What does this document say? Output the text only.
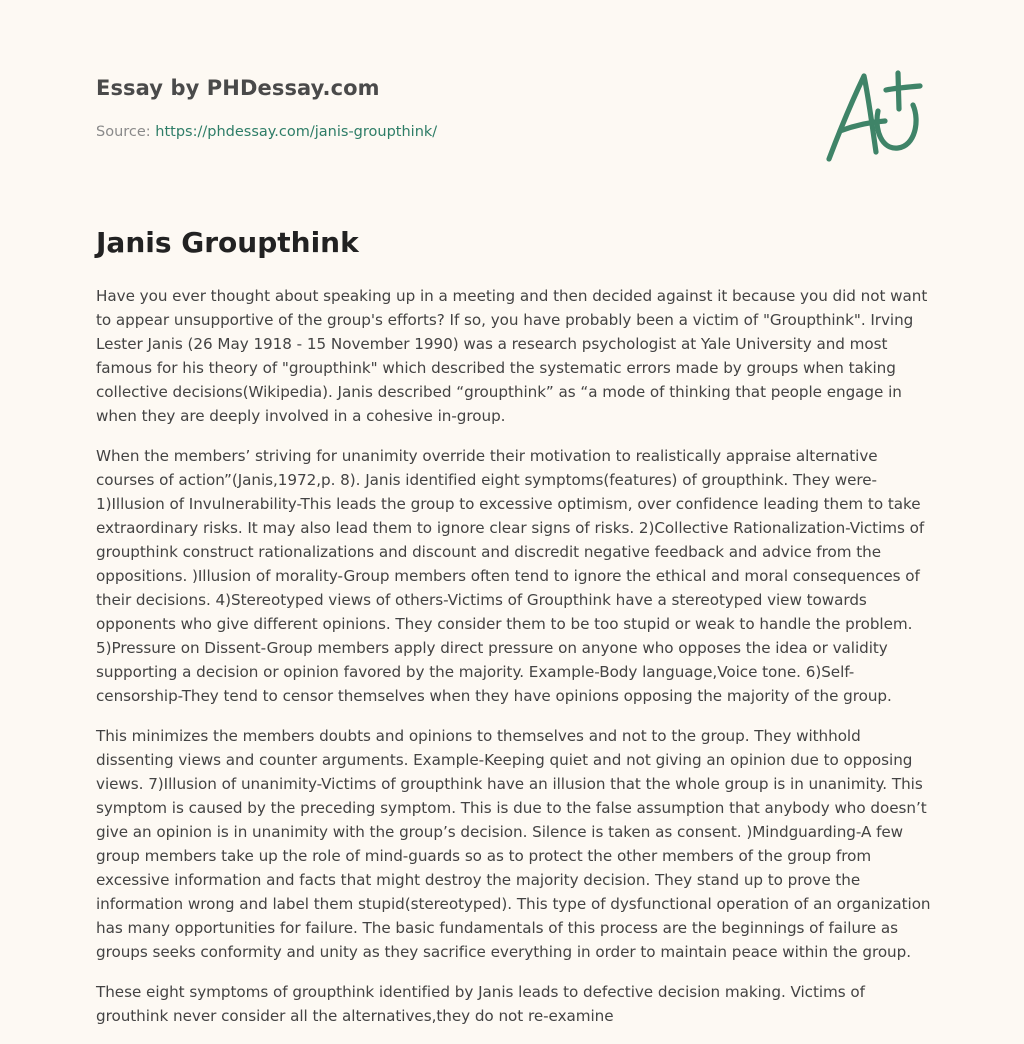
Essay by PHDessay.com
Source: https://phdessay.com/janis-groupthink/
Janis Groupthink

Have you ever thought about speaking up in a meeting and then decided against it because you did not want to appear unsupportive of the group's efforts? If so, you have probably been a victim of "Groupthink". Irving Lester Janis (26 May 1918 - 15 November 1990) was a research psychologist at Yale University and most famous for his theory of "groupthink" which described the systematic errors made by groups when taking collective decisions(Wikipedia). Janis described “groupthink” as “a mode of thinking that people engage in when they are deeply involved in a cohesive in-group.

When the members’ striving for unanimity override their motivation to realistically appraise alternative courses of action”(Janis,1972,p. 8). Janis identified eight symptoms(features) of groupthink. They were- 1)Illusion of Invulnerability-This leads the group to excessive optimism, over confidence leading them to take extraordinary risks. It may also lead them to ignore clear signs of risks. 2)Collective Rationalization-Victims of groupthink construct rationalizations and discount and discredit negative feedback and advice from the oppositions. )Illusion of morality-Group members often tend to ignore the ethical and moral consequences of their decisions. 4)Stereotyped views of others-Victims of Groupthink have a stereotyped view towards opponents who give different opinions. They consider them to be too stupid or weak to handle the problem. 5)Pressure on Dissent-Group members apply direct pressure on anyone who opposes the idea or validity supporting a decision or opinion favored by the majority. Example-Body language,Voice tone. 6)Self-censorship-They tend to censor themselves when they have opinions opposing the majority of the group.

This minimizes the members doubts and opinions to themselves and not to the group. They withhold dissenting views and counter arguments. Example-Keeping quiet and not giving an opinion due to opposing views. 7)Illusion of unanimity-Victims of groupthink have an illusion that the whole group is in unanimity. This symptom is caused by the preceding symptom. This is due to the false assumption that anybody who doesn’t give an opinion is in unanimity with the group’s decision. Silence is taken as consent. )Mindguarding-A few group members take up the role of mind-guards so as to protect the other members of the group from excessive information and facts that might destroy the majority decision. They stand up to prove the information wrong and label them stupid(stereotyped). This type of dysfunctional operation of an organization has many opportunities for failure. The basic fundamentals of this process are the beginnings of failure as groups seeks conformity and unity as they sacrifice everything in order to maintain peace within the group.

These eight symptoms of groupthink identified by Janis leads to defective decision making. Victims of grouthink never consider all the alternatives,they do not re-examine
